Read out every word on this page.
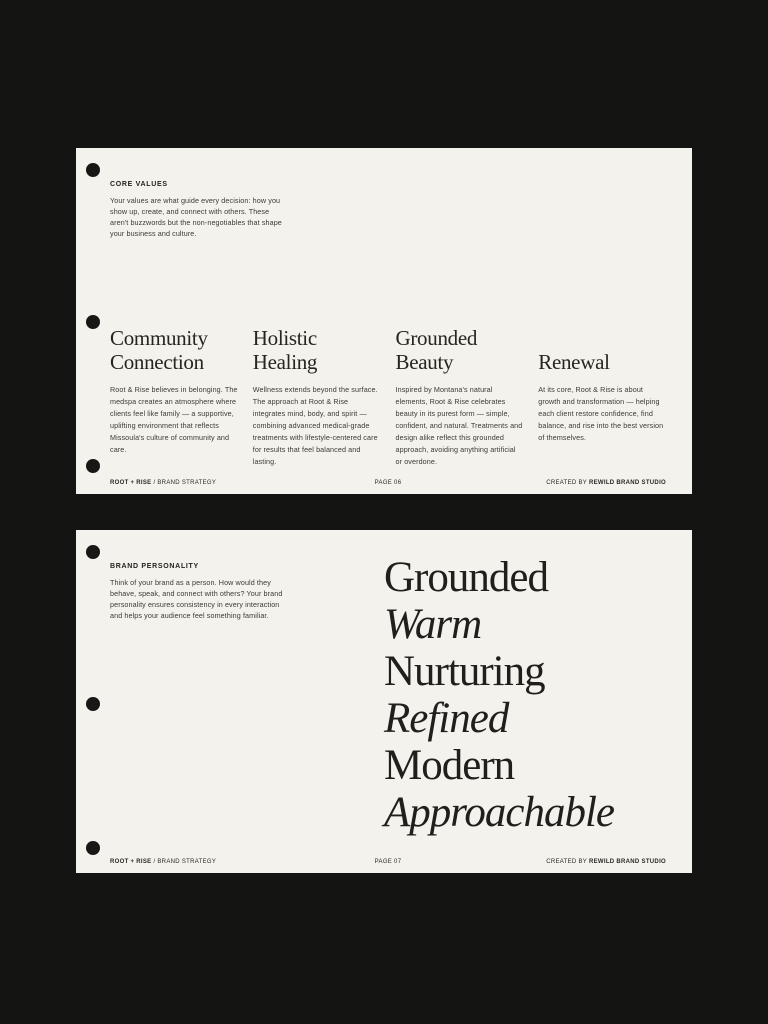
CORE VALUES
Your values are what guide every decision: how you show up, create, and connect with others. These aren't buzzwords but the non-negotiables that shape your business and culture.
Community Connection
Root & Rise believes in belonging. The medspa creates an atmosphere where clients feel like family — a supportive, uplifting environment that reflects Missoula's culture of community and care.
Holistic Healing
Wellness extends beyond the surface. The approach at Root & Rise integrates mind, body, and spirit — combining advanced medical-grade treatments with lifestyle-centered care for results that feel balanced and lasting.
Grounded Beauty
Inspired by Montana's natural elements, Root & Rise celebrates beauty in its purest form — simple, confident, and natural. Treatments and design alike reflect this grounded approach, avoiding anything artificial or overdone.
Renewal
At its core, Root & Rise is about growth and transformation — helping each client restore confidence, find balance, and rise into the best version of themselves.
ROOT + RISE / BRAND STRATEGY	PAGE 06	CREATED BY REWILD BRAND STUDIO
BRAND PERSONALITY
Think of your brand as a person. How would they behave, speak, and connect with others? Your brand personality ensures consistency in every interaction and helps your audience feel something familiar.
Grounded
Warm
Nurturing
Refined
Modern
Approachable
ROOT + RISE / BRAND STRATEGY	PAGE 07	CREATED BY REWILD BRAND STUDIO
